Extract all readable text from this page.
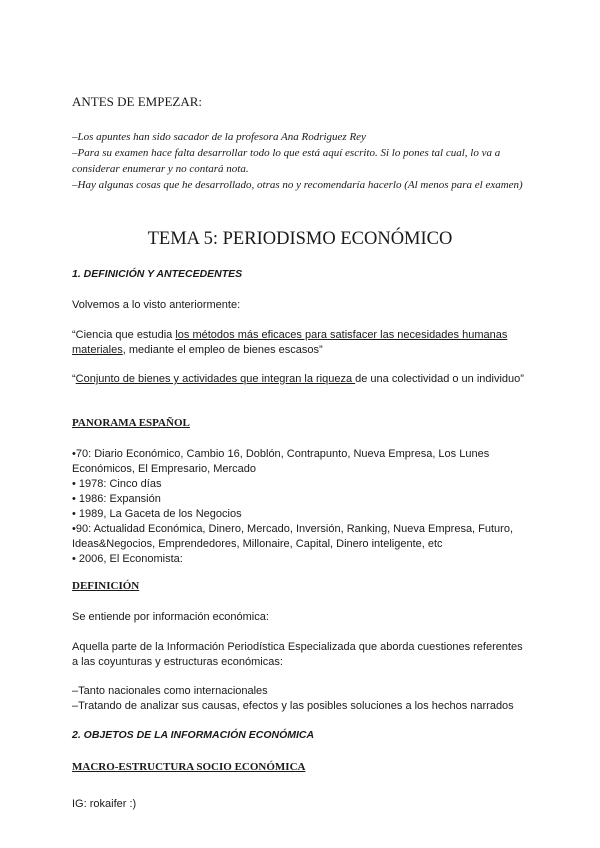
ANTES DE EMPEZAR:

–Los apuntes han sido sacador de la profesora Ana Rodriguez Rey
–Para su examen hace falta desarrollar todo lo que está aquí escrito. Si lo pones tal cual, lo va a considerar enumerar y no contará nota.
–Hay algunas cosas que he desarrollado, otras no y recomendaría hacerlo (Al menos para el examen)
TEMA 5: PERIODISMO ECONÓMICO
1. DEFINICIÓN Y ANTECEDENTES

Volvemos a lo visto anteriormente:

“Ciencia que estudia los métodos más eficaces para satisfacer las necesidades humanas materiales, mediante el empleo de bienes escasos”

“Conjunto de bienes y actividades que integran la riqueza de una colectividad o un individuo”

PANORAMA ESPAÑOL
•70: Diario Económico, Cambio 16, Doblón, Contrapunto, Nueva Empresa, Los Lunes Económicos, El Empresario, Mercado
• 1978: Cinco días
• 1986: Expansión
• 1989, La Gaceta de los Negocios
•90: Actualidad Económica, Dinero, Mercado, Inversión, Ranking, Nueva Empresa, Futuro, Ideas&Negocios, Emprendedores, Millonaire, Capital, Dinero inteligente, etc
• 2006, El Economista:
DEFINICIÓN

Se entiende por información económica:

Aquella parte de la Información Periodística Especializada que aborda cuestiones referentes a las coyunturas y estructuras económicas:

–Tanto nacionales como internacionales
–Tratando de analizar sus causas, efectos y las posibles soluciones a los hechos narrados
2. OBJETOS DE LA INFORMACIÓN ECONÓMICA
MACRO-ESTRUCTURA SOCIO ECONÓMICA

IG: rokaifer :)
